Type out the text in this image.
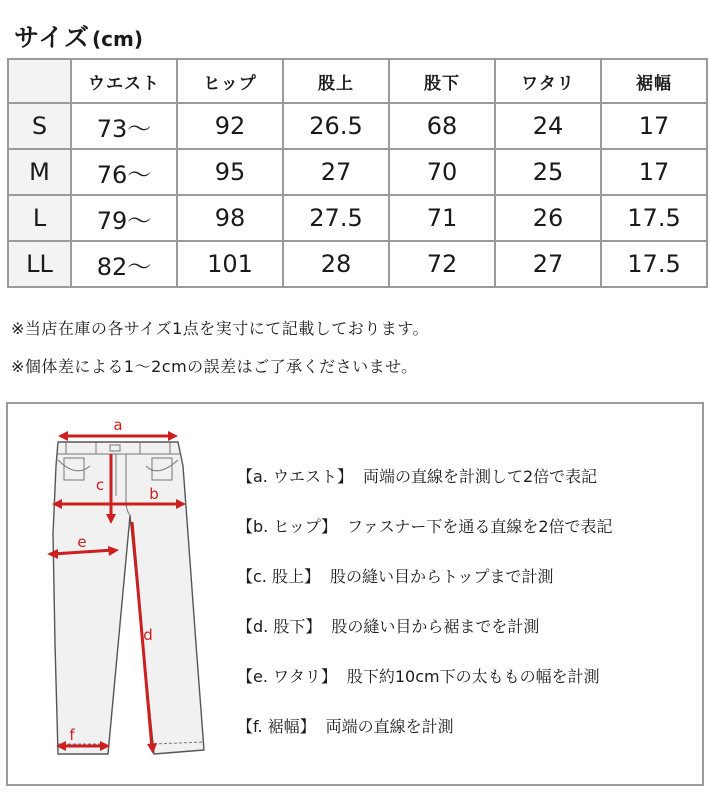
サイズ (cm)
	ウエスト	ヒップ	股上	股下	ワタリ	裾幅
S	73〜	92	26.5	68	24	17
M	76〜	95	27	70	25	17
L	79〜	98	27.5	71	26	17.5
LL	82〜	101	28	72	27	17.5
※当店在庫の各サイズ1点を実寸にて記載しております。
※個体差による1〜2cmの誤差はご了承くださいませ。
a
b
c
d
e
f
【a. ウエスト】 両端の直線を計測して2倍で表記
【b. ヒップ】 ファスナー下を通る直線を2倍で表記
【c. 股上】 股の縫い目からトップまで計測
【d. 股下】 股の縫い目から裾までを計測
【e. ワタリ】 股下約10cm下の太ももの幅を計測
【f. 裾幅】 両端の直線を計測
